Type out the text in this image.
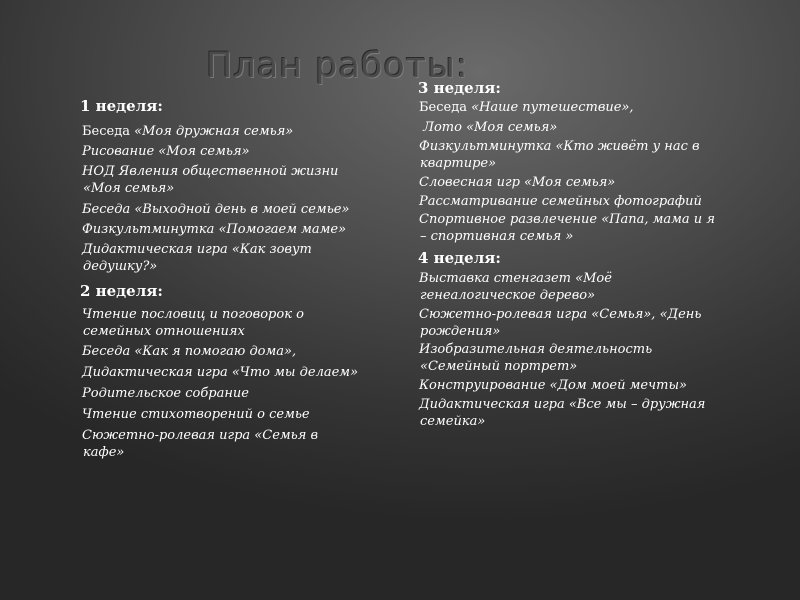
План работы:
1 неделя:
Беседа «Моя дружная семья»
Рисование «Моя семья»
НОД Явления общественной жизни
«Моя семья»
Беседа «Выходной день в моей семье»
Физкультминутка «Помогаем маме»
Дидактическая игра «Как зовут
дедушку?»
2 неделя:
Чтение пословиц и поговорок о
семейных отношениях
Беседа «Как я помогаю дома»,
Дидактическая игра «Что мы делаем»
Родительское собрание
Чтение стихотворений о семье
Сюжетно-ролевая игра «Семья в
кафе»
3 неделя:
Беседа «Наше путешествие»,
Лото «Моя семья»
Физкультминутка «Кто живёт у нас в
квартире»
Словесная игр «Моя семья»
Рассматривание семейных фотографий
Спортивное развлечение «Папа, мама и я
– спортивная семья »
4 неделя:
Выставка стенгазет «Моё
генеалогическое дерево»
Сюжетно-ролевая игра «Семья», «День
рождения»
Изобразительная деятельность
«Семейный портрет»
Конструирование «Дом моей мечты»
Дидактическая игра «Все мы – дружная
семейка»
